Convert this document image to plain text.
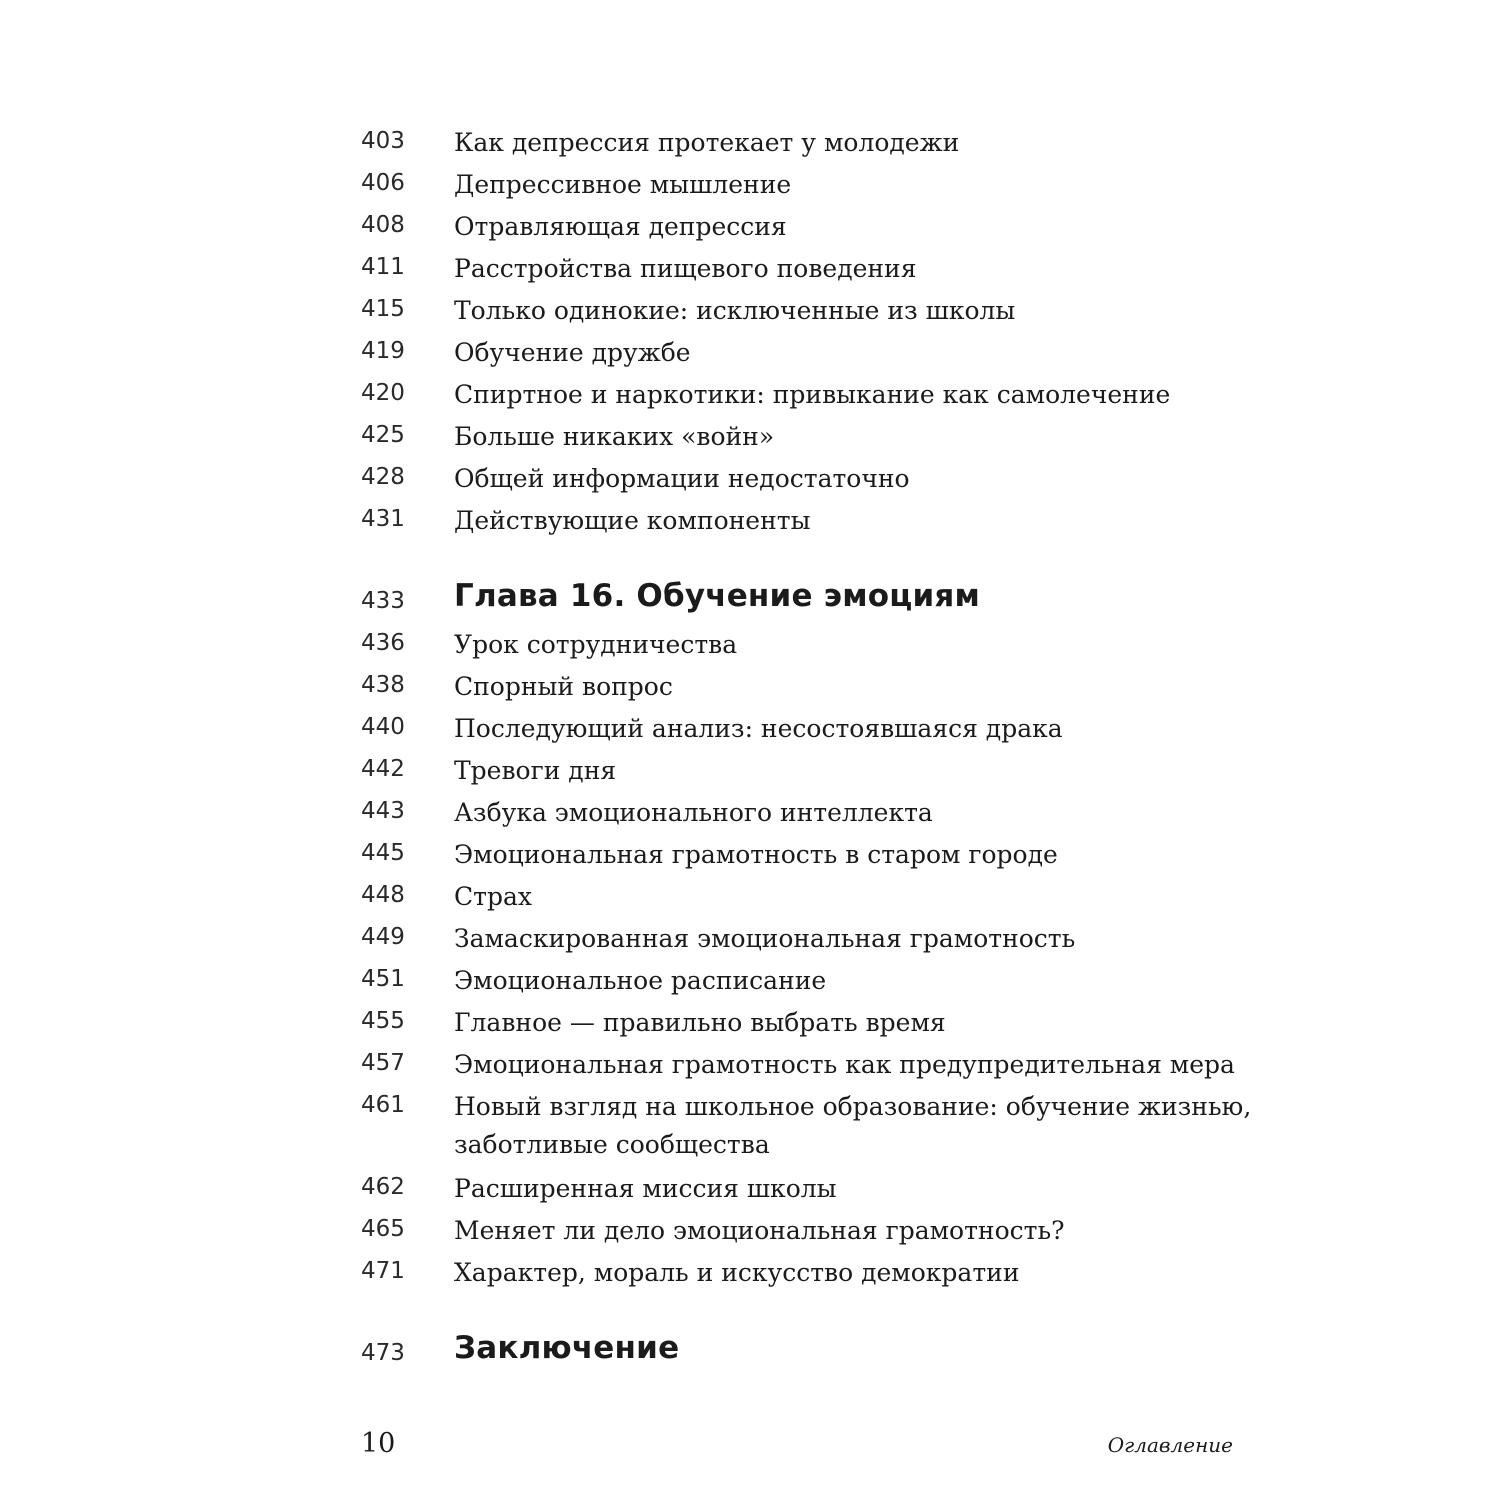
403	Как депрессия протекает у молодежи
406	Депрессивное мышление
408	Отравляющая депрессия
411	Расстройства пищевого поведения
415	Только одинокие: исключенные из школы
419	Обучение дружбе
420	Спиртное и наркотики: привыкание как самолечение
425	Больше никаких «войн»
428	Общей информации недостаточно
431	Действующие компоненты
433	Глава 16. Обучение эмоциям
436	Урок сотрудничества
438	Спорный вопрос
440	Последующий анализ: несостоявшаяся драка
442	Тревоги дня
443	Азбука эмоционального интеллекта
445	Эмоциональная грамотность в старом городе
448	Страх
449	Замаскированная эмоциональная грамотность
451	Эмоциональное расписание
455	Главное — правильно выбрать время
457	Эмоциональная грамотность как предупредительная мера
461	Новый взгляд на школьное образование: обучение жизнью,
заботливые сообщества
462	Расширенная миссия школы
465	Меняет ли дело эмоциональная грамотность?
471	Характер, мораль и искусство демократии
473	Заключение
10	Оглавление
